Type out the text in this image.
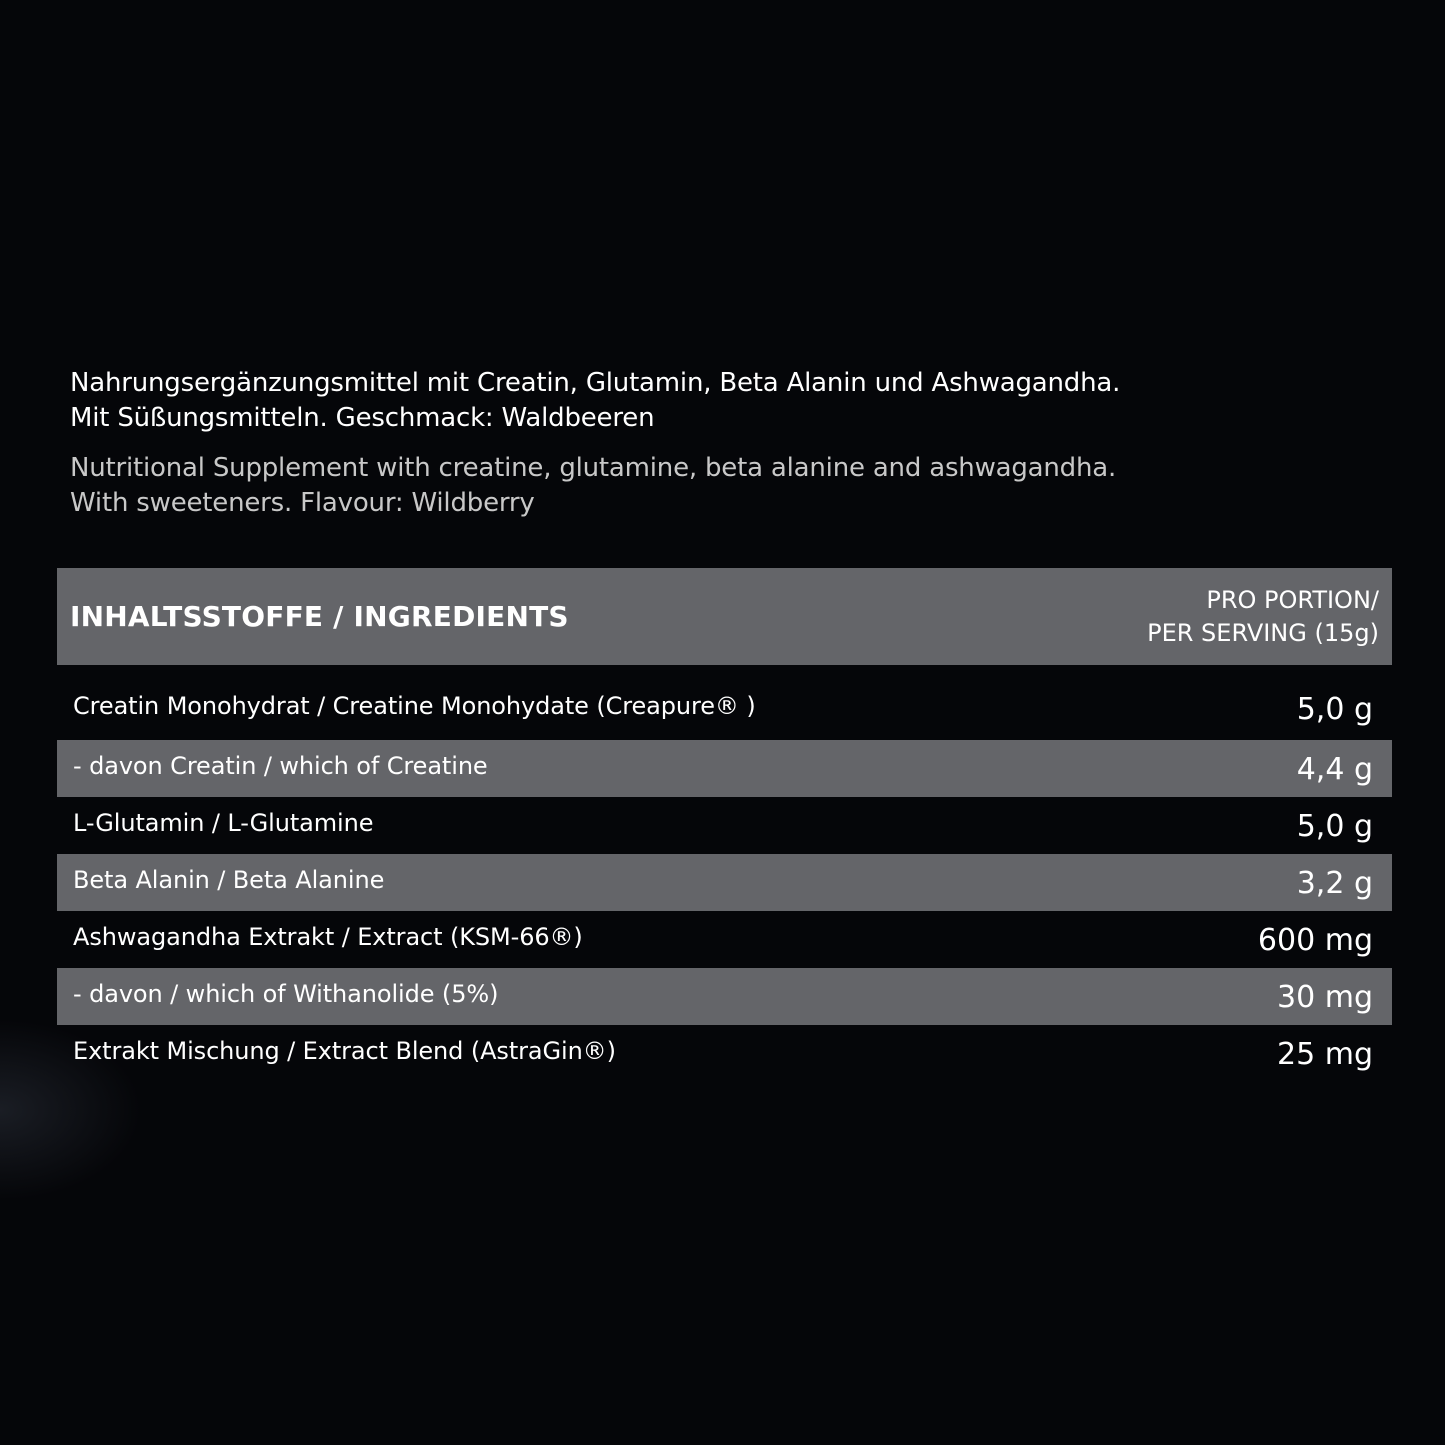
Nahrungsergänzungsmittel mit Creatin, Glutamin, Beta Alanin und Ashwagandha.

Mit Süßungsmitteln. Geschmack: Waldbeeren

Nutritional Supplement with creatine, glutamine, beta alanine and ashwagandha.

With sweeteners. Flavour: Wildberry

INHALTSSTOFFE / INGREDIENTS	PRO PORTION/
PER SERVING (15g)
Creatin Monohydrat / Creatine Monohydate (Creapure® )	5,0 g
- davon Creatin / which of Creatine	4,4 g
L-Glutamin / L-Glutamine	5,0 g
Beta Alanin / Beta Alanine	3,2 g
Ashwagandha Extrakt / Extract (KSM-66®)	600 mg
- davon / which of Withanolide (5%)	30 mg
Extrakt Mischung / Extract Blend (AstraGin®)	25 mg
